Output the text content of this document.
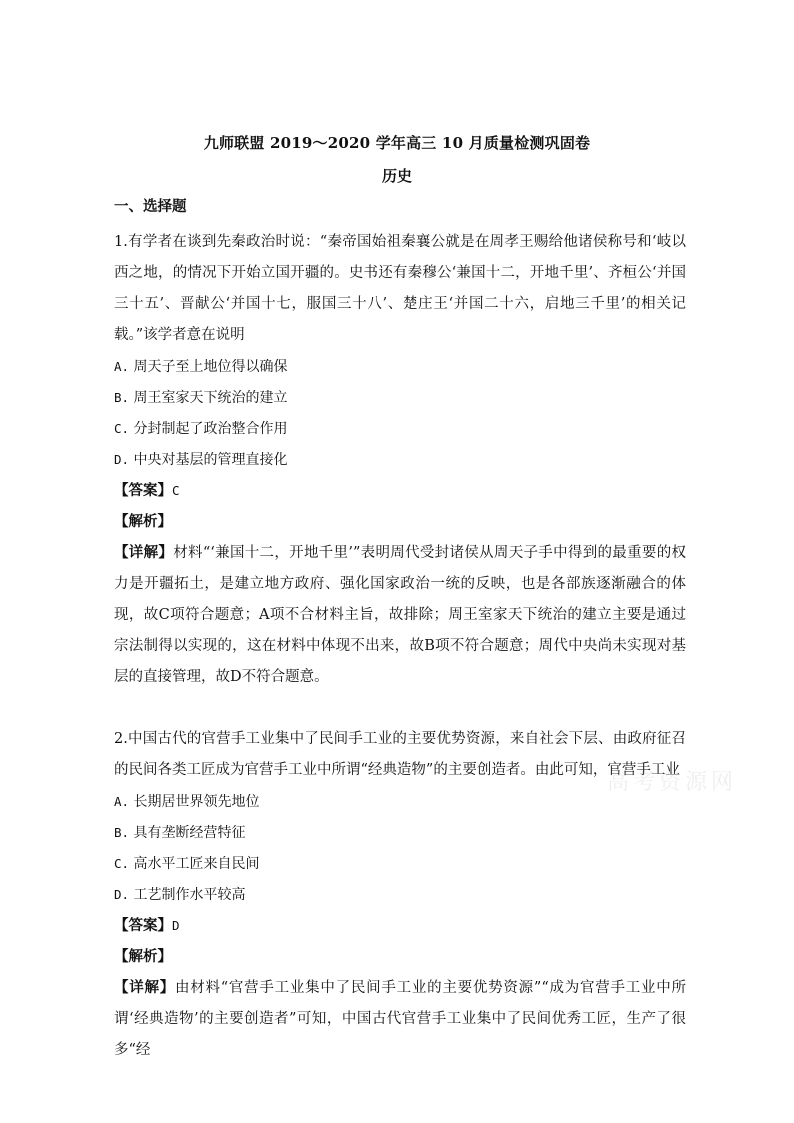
九师联盟 2019～2020 学年高三 10 月质量检测巩固卷
历史
一、选择题
1.有学者在谈到先秦政治时说：“秦帝国始祖秦襄公就是在周孝王赐给他诸侯称号和‘岐以西之地，的情况下开始立国开疆的。史书还有秦穆公‘兼国十二，开地千里’、齐桓公‘并国三十五’、晋献公‘并国十七，服国三十八’、楚庄王‘并国二十六，启地三千里’的相关记载。”该学者意在说明
A. 周天子至上地位得以确保
B. 周王室家天下统治的建立
C. 分封制起了政治整合作用
D. 中央对基层的管理直接化
【答案】C
【解析】
【详解】材料“‘兼国十二，开地千里’”表明周代受封诸侯从周天子手中得到的最重要的权力是开疆拓土，是建立地方政府、强化国家政治一统的反映，也是各部族逐渐融合的体现，故C项符合题意；A项不合材料主旨，故排除；周王室家天下统治的建立主要是通过宗法制得以实现的，这在材料中体现不出来，故B项不符合题意；周代中央尚未实现对基层的直接管理，故D不符合题意。
2.中国古代的官营手工业集中了民间手工业的主要优势资源，来自社会下层、由政府征召的民间各类工匠成为官营手工业中所谓“经典造物”的主要创造者。由此可知，官营手工业
A. 长期居世界领先地位
B. 具有垄断经营特征
C. 高水平工匠来自民间
D. 工艺制作水平较高
【答案】D
【解析】
【详解】由材料“官营手工业集中了民间手工业的主要优势资源”“成为官营手工业中所谓‘经典造物’的主要创造者”可知，中国古代官营手工业集中了民间优秀工匠，生产了很多“经
高考资源网
